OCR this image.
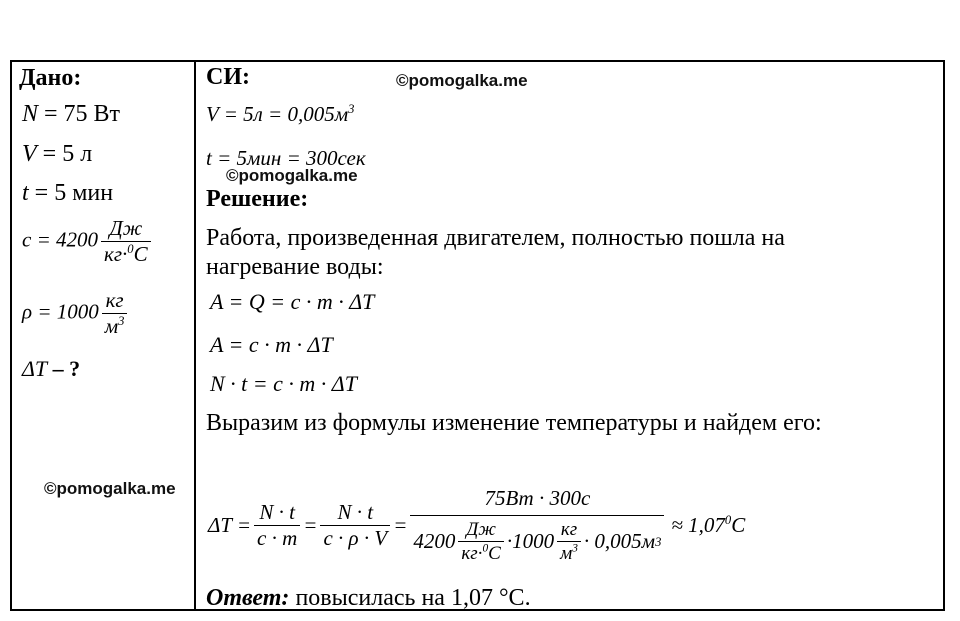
Дано:
N = 75 Вт
V = 5 л
t = 5 мин
$c = 4200 \frac{Дж}{кг\cdot^0C}$
$\rho = 1000 \frac{кг}{м^3}$
ΔT – ?
СИ:
$V = 5л = 0,005м^3$
t = 5мин = 300сек
Решение:
Работа, произведенная двигателем, полностью пошла на
нагревание воды:
A = Q = c · m · ΔT
A = c · m · ΔT
N · t = c · m · ΔT
Выразим из формулы изменение температуры и найдем его:
$\Delta T = \frac{N \cdot t}{c \cdot m} = \frac{N \cdot t}{c \cdot \rho \cdot V} = \frac{75Вт \cdot 300с}{4200 \frac{Дж}{кг\cdot^0C} \cdot 1000 \frac{кг}{м^3} \cdot 0,005м 3} \approx 1,07^0C$
Ответ: повысилась на 1,07 °С.
©pomogalka.me
©pomogalka.me
©pomogalka.me
